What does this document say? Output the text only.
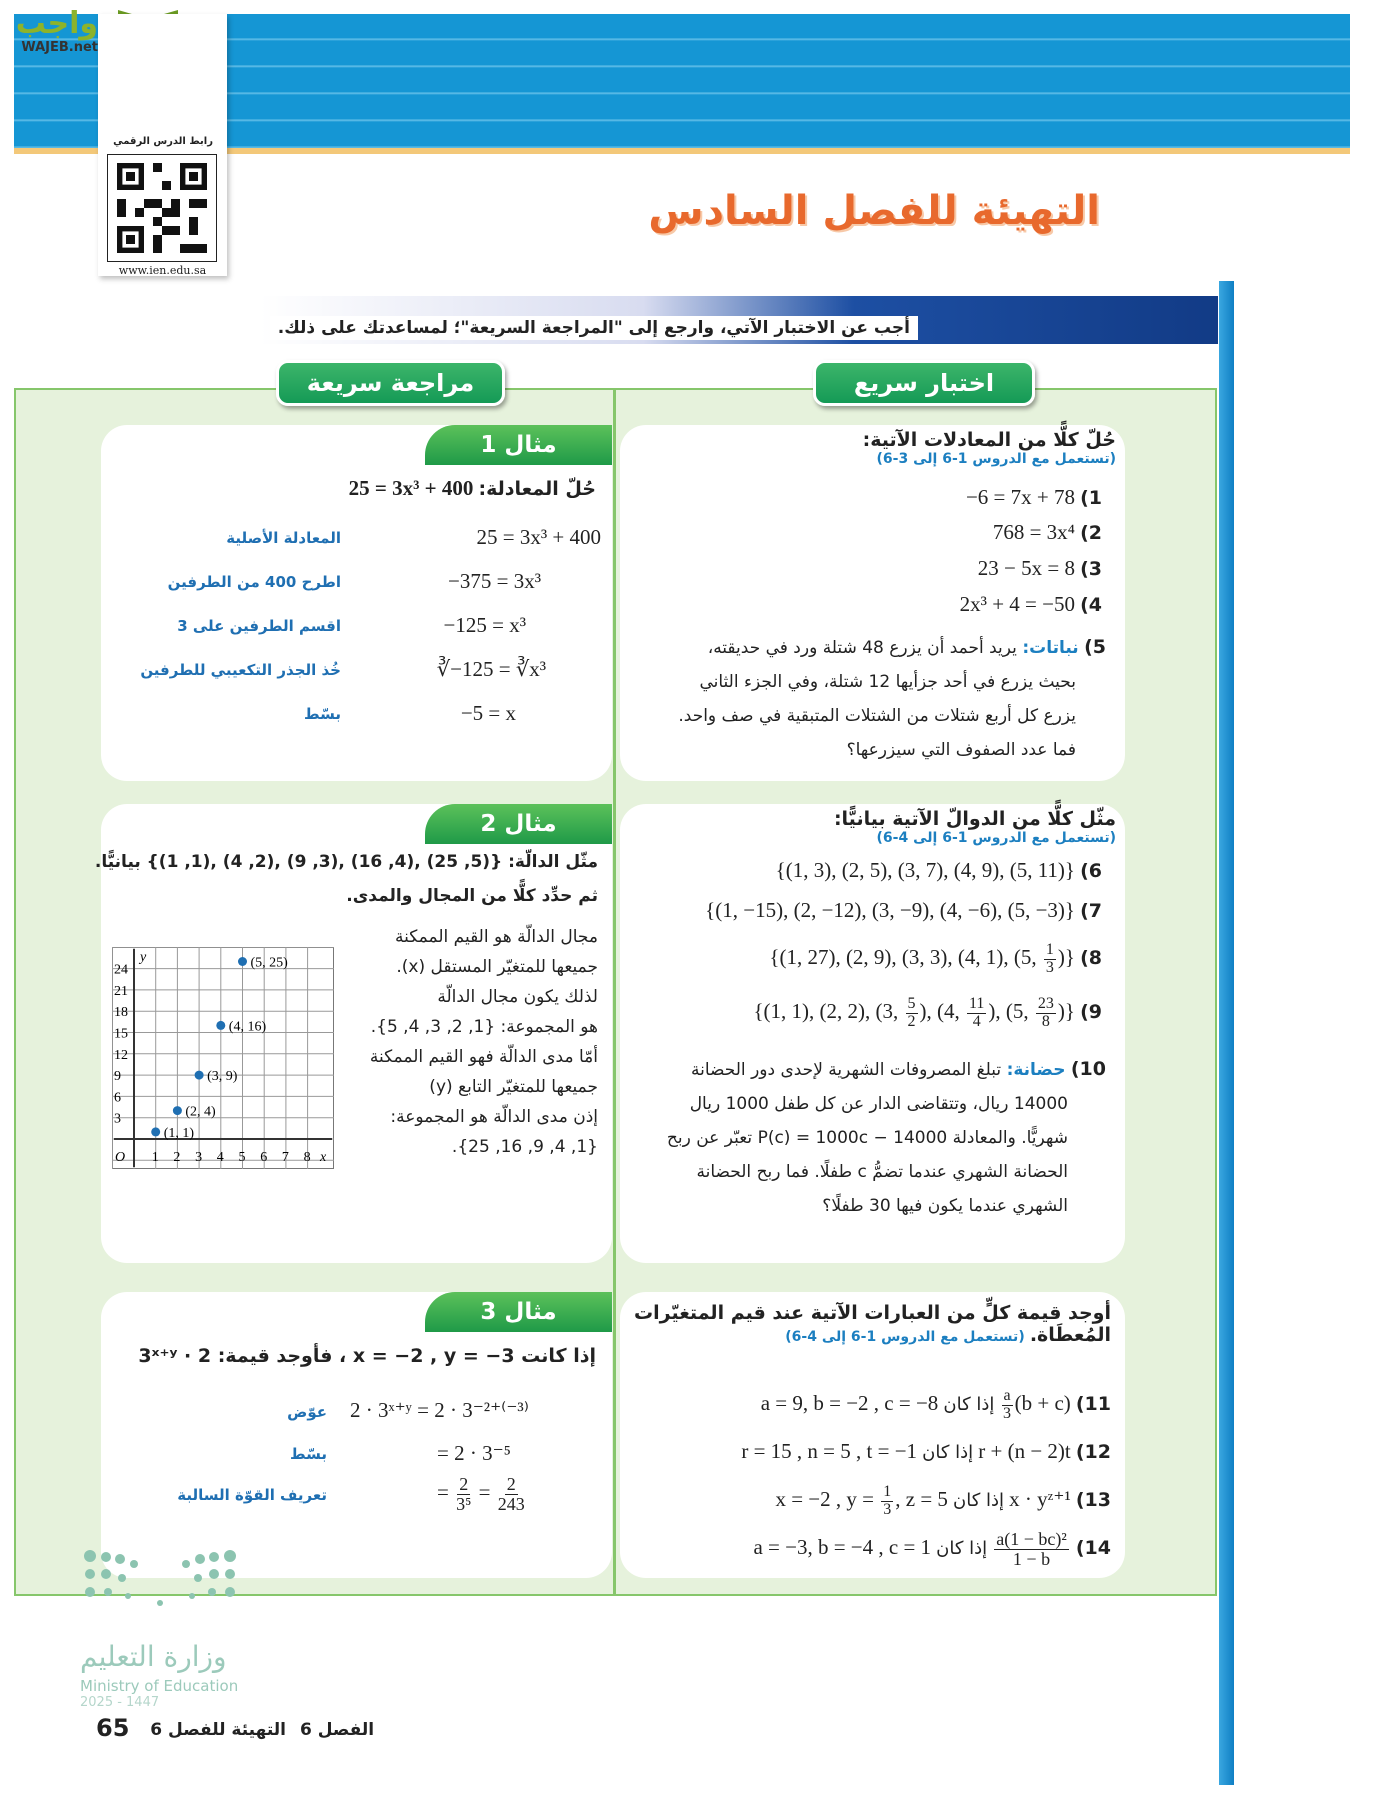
واجب
WAJEB.net
رابط الدرس الرقمي
www.ien.edu.sa
التهيئة للفصل السادس
أجب عن الاختبار الآتي، وارجع إلى "المراجعة السريعة"؛ لمساعدتك على ذلك.
اختبار سريع
مراجعة سريعة
حُلّ كلًّا من المعادلات الآتية:
(تستعمل مع الدروس 1-6 إلى 3-6)
1) −6 = 7x + 78
2) 768 = 3x⁴
3) 23 − 5x = 8
4) 2x³ + 4 = −50
5) نباتات: يريد أحمد أن يزرع 48 شتلة ورد في حديقته،
بحيث يزرع في أحد جزأيها 12 شتلة، وفي الجزء الثاني
يزرع كل أربع شتلات من الشتلات المتبقية في صف واحد.
فما عدد الصفوف التي سيزرعها؟
مثّل كلًّا من الدوالّ الآتية بيانيًّا:
(تستعمل مع الدروس 1-6 إلى 4-6)
6) {(1, 3), (2, 5), (3, 7), (4, 9), (5, 11)}
7) {(1, −15), (2, −12), (3, −9), (4, −6), (5, −3)}
8) {(1, 27), (2, 9), (3, 3), (4, 1), (5, $\frac{1}{3}$ )}
9) {(1, 1), (2, 2), (3, $\frac{5}{2}$ ), (4, $\frac{11}{4}$ ), (5, $\frac{23}{8}$ )}
10) حضانة: تبلغ المصروفات الشهرية لإحدى دور الحضانة
14000 ريال، وتتقاضى الدار عن كل طفل 1000 ريال
شهريًّا. والمعادلة P(c) = 1000c − 14000 تعبّر عن ربح
الحضانة الشهري عندما تضمُّ c طفلًا. فما ربح الحضانة
الشهري عندما يكون فيها 30 طفلًا؟
أوجد قيمة كلٍّ من العبارات الآتية عند قيم المتغيّرات
المُعطَاة. (تستعمل مع الدروس 1-6 إلى 4-6)
11)
$\frac{a}{3} (b + c)$ إذا كان a = 9, b = −2 , c = −8
12) r + (n − 2)t إذا كان r = 15 , n = 5 , t = −1
13) x · yᶻ⁺¹ إذا كان x = −2 , $y = \frac{1}{3}$ , z = 5
14)
$\frac{\text{a(1 − bc)²}}{1 - b}$
إذا كان a = −3, b = −4 , c = 1
مثال 1
حُلّ المعادلة: 25 = 3x³ + 400
25 = 3x³ + 400
المعادلة الأصلية
−375 = 3x³
اطرح 400 من الطرفين
−125 = x³
اقسم الطرفين على 3
∛−125 = ∛x³
خُذ الجذر التكعيبي للطرفين
−5 = x
بسّط
مثال 2
مثّل الدالّة: {(5, 25) ,(4, 16) ,(3, 9) ,(2, 4) ,(1, 1)} بيانيًّا.
ثم حدِّد كلًّا من المجال والمدى.
مجال الدالّة هو القيم الممكنة
جميعها للمتغيّر المستقل (x).
لذلك يكون مجال الدالّة
هو المجموعة: {1, 2, 3, 4, 5}.
أمّا مدى الدالّة فهو القيم الممكنة
جميعها للمتغيّر التابع (y)
إذن مدى الدالّة هو المجموعة:
{1, 4, 9, 16, 25}.
1 2 3 4 5 6 7 8
3
6
9
12
15
18
21
24
O	x
y
(1, 1)
(2, 4)
(3, 9)
(4, 16)
(5, 25)
مثال 3
إذا كانت x = −2 , y = −3 ، فأوجد قيمة: 2 · 3ˣ⁺ʸ
2 · 3ˣ⁺ʸ = 2 · 3⁻²⁺⁽⁻³⁾
عوّض
= 2 · 3⁻⁵
بسّط
= $\frac{2}{\text{3⁵}} = \frac{2}{243}$
تعريف القوّة السالبة
وزارة التعليم
Ministry of Education
2025 - 1447
65 التهيئة للفصل 6 الفصل 6
